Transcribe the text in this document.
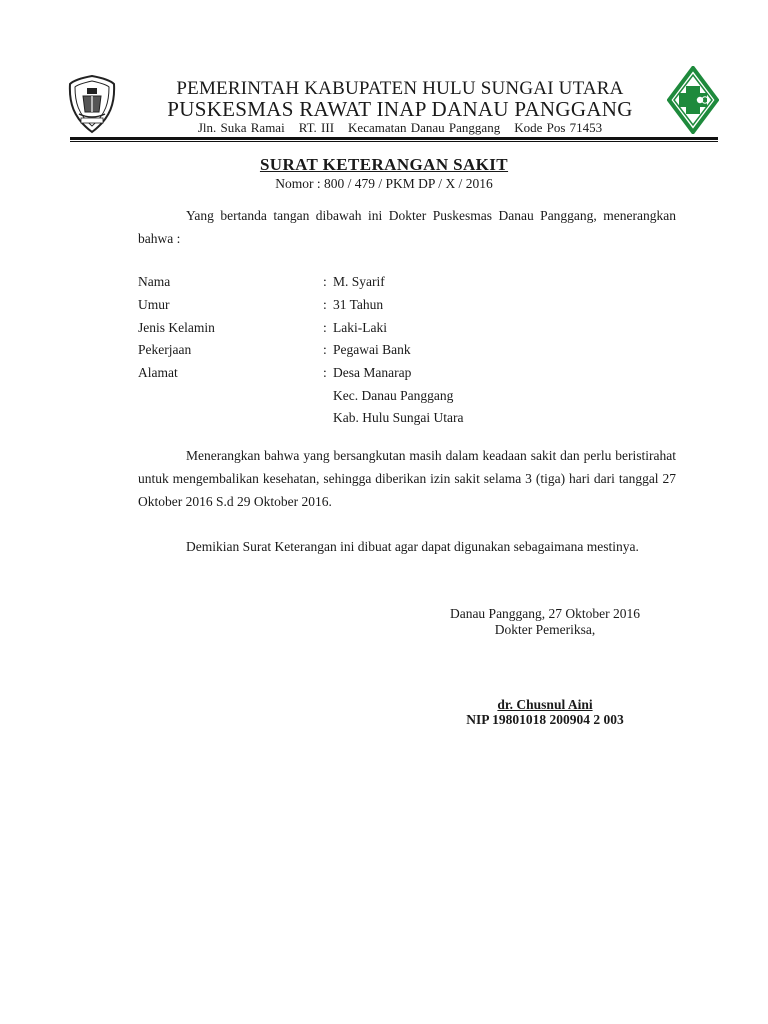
PEMERINTAH KABUPATEN HULU SUNGAI UTARA
PUSKESMAS RAWAT INAP DANAU PANGGANG
Jln. Suka Ramai RT. III Kecamatan Danau Panggang Kode Pos 71453
SURAT KETERANGAN SAKIT
Nomor : 800 / 479 / PKM DP / X / 2016
Yang bertanda tangan dibawah ini Dokter Puskesmas Danau Panggang, menerangkan bahwa :
Nama	: M. Syarif
Umur	: 31 Tahun
Jenis Kelamin	: Laki-Laki
Pekerjaan	: Pegawai Bank
Alamat	: Desa Manarap
Kec. Danau Panggang
Kab. Hulu Sungai Utara
Menerangkan bahwa yang bersangkutan masih dalam keadaan sakit dan perlu beristirahat untuk mengembalikan kesehatan, sehingga diberikan izin sakit selama 3 (tiga) hari dari tanggal 27 Oktober 2016 S.d 29 Oktober 2016.
Demikian Surat Keterangan ini dibuat agar dapat digunakan sebagaimana mestinya.
Danau Panggang, 27 Oktober 2016
Dokter Pemeriksa,
dr. Chusnul Aini
NIP 19801018 200904 2 003
